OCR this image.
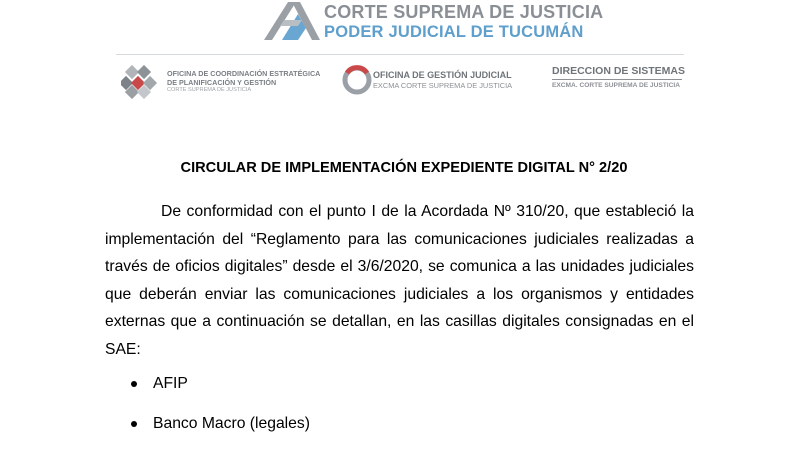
CORTE SUPREMA DE JUSTICIA
PODER JUDICIAL DE TUCUMÁN
OFICINA DE COORDINACIÓN ESTRATÉGICA
DE PLANIFICACIÓN Y GESTIÓN
CORTE SUPREMA DE JUSTICIA
OFICINA DE GESTIÓN JUDICIAL
EXCMA CORTE SUPREMA DE JUSTICIA
DIRECCION DE SISTEMAS
EXCMA. CORTE SUPREMA DE JUSTICIA
CIRCULAR DE IMPLEMENTACIÓN EXPEDIENTE DIGITAL N° 2/20

De conformidad con el punto I de la Acordada Nº 310/20, que estableció la implementación del “Reglamento para las comunicaciones judiciales realizadas a través de oficios digitales” desde el 3/6/2020, se comunica a las unidades judiciales que deberán enviar las comunicaciones judiciales a los organismos y entidades externas que a continuación se detallan, en las casillas digitales consignadas en el SAE:

AFIP
Banco Macro (legales)
